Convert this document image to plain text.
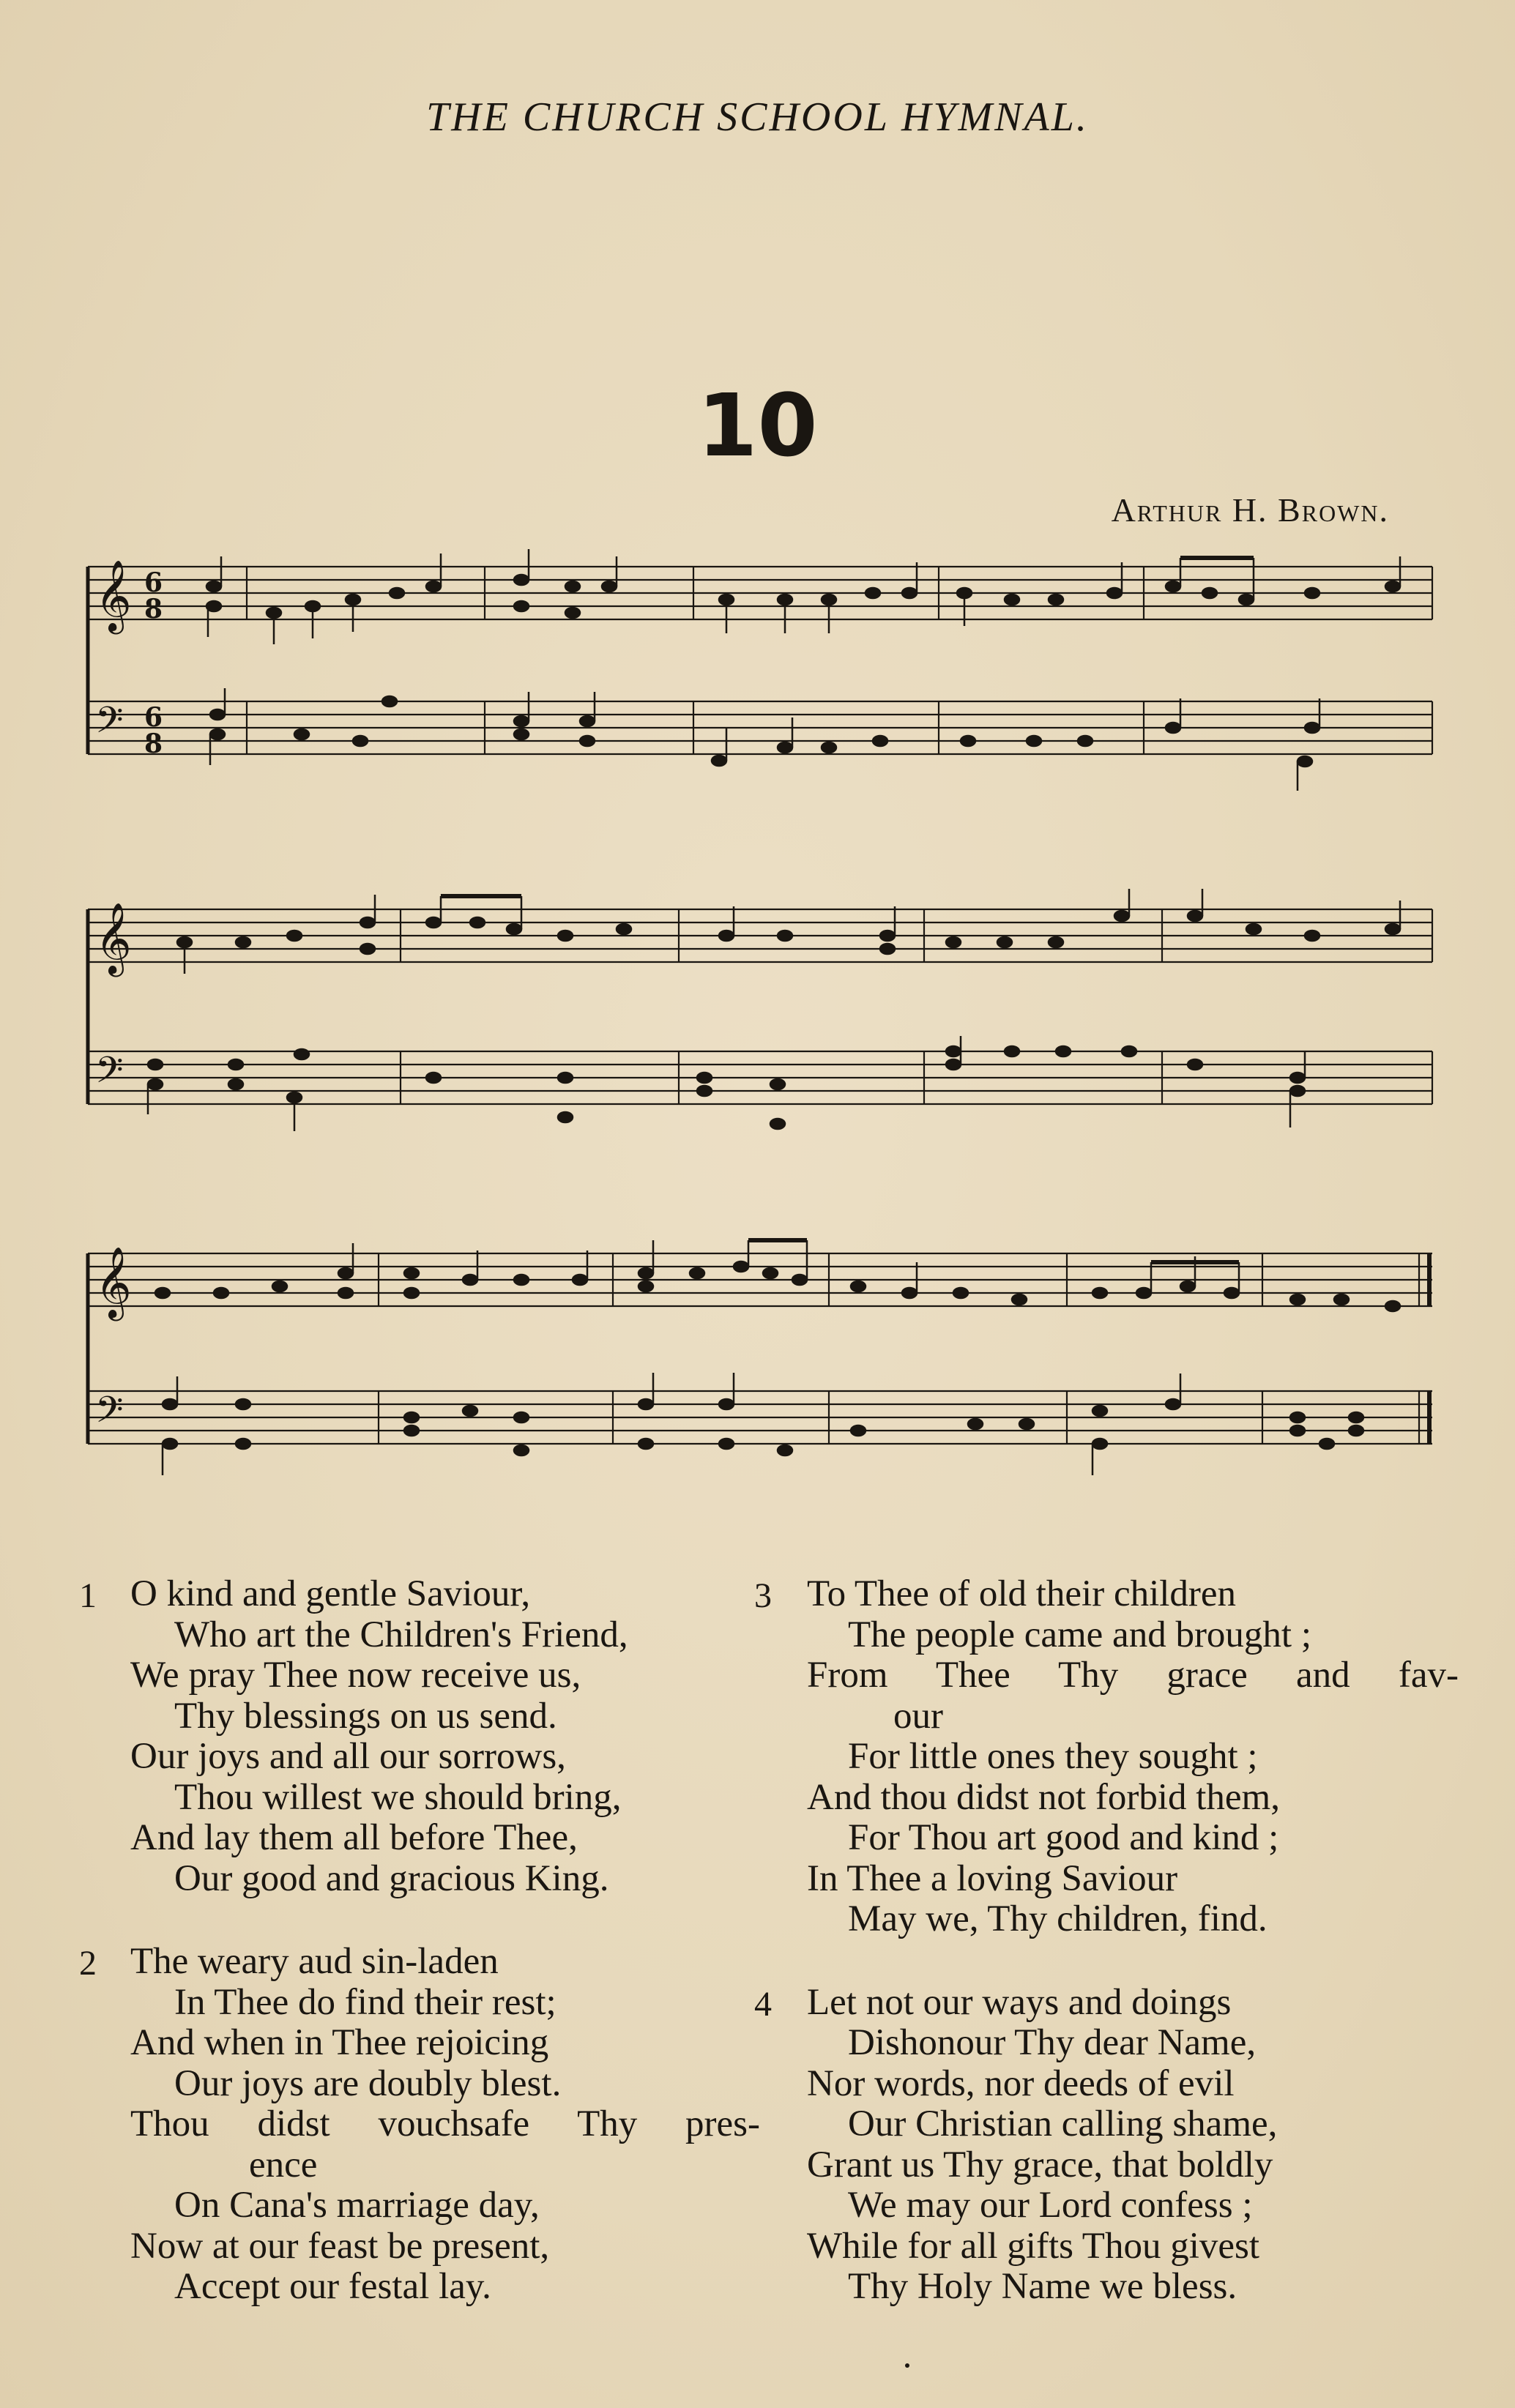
THE CHURCH SCHOOL HYMNAL.
10
Arthur H. Brown.
𝄞
𝄢
6
8
6
8
𝄞
𝄢
𝄞
𝄢
1 O kind and gentle Saviour,
Who art the Children's Friend,
We pray Thee now receive us,
Thy blessings on us send.
Our joys and all our sorrows,
Thou willest we should bring,
And lay them all before Thee,
Our good and gracious King.
2 The weary aud sin-laden
In Thee do find their rest;
And when in Thee rejoicing
Our joys are doubly blest.
Thou didst vouchsafe Thy pres-
ence
On Cana's marriage day,
Now at our feast be present,
Accept our festal lay.
3 To Thee of old their children
The people came and brought ;
From Thee Thy grace and fav-
our
For little ones they sought ;
And thou didst not forbid them,
For Thou art good and kind ;
In Thee a loving Saviour
May we, Thy children, find.
4 Let not our ways and doings
Dishonour Thy dear Name,
Nor words, nor deeds of evil
Our Christian calling shame,
Grant us Thy grace, that boldly
We may our Lord confess ;
While for all gifts Thou givest
Thy Holy Name we bless.
